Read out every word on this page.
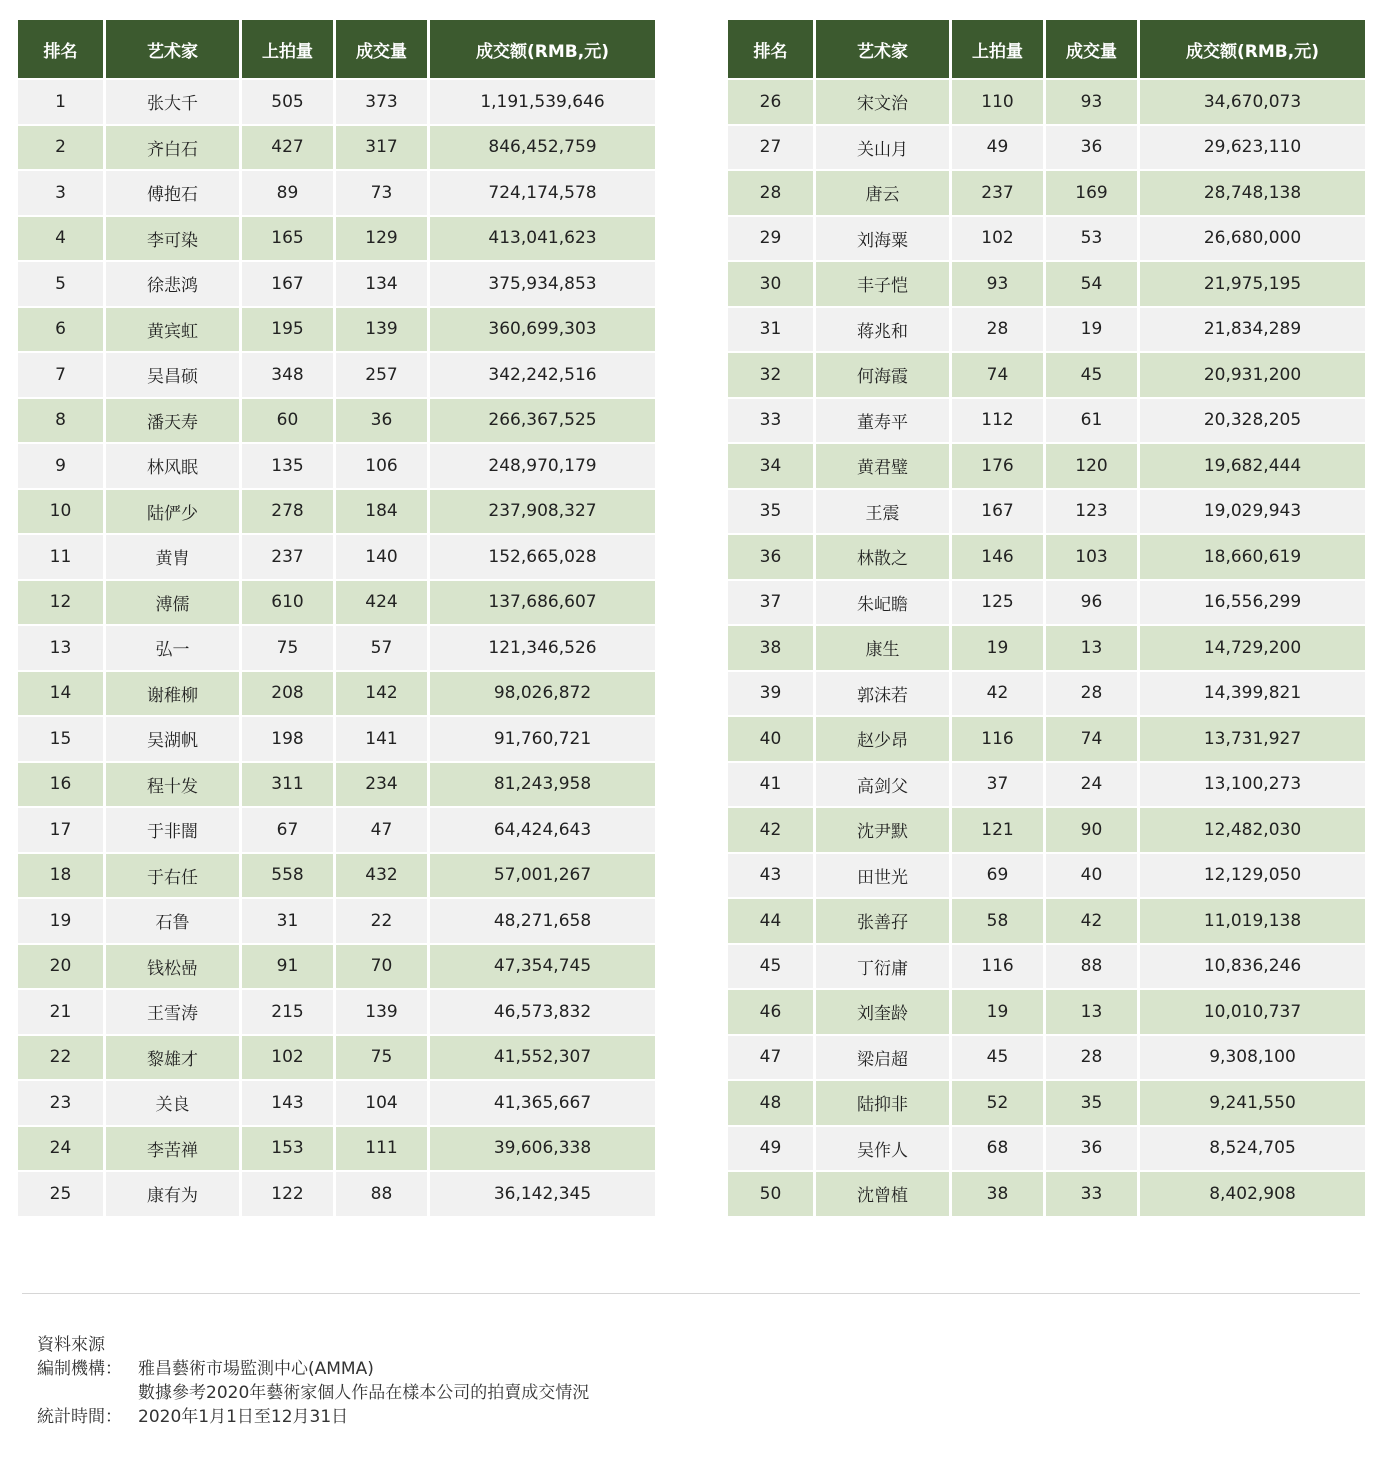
排名	艺术家	上拍量	成交量	成交额(RMB,元)
1	张大千	505	373	1,191,539,646
2	齐白石	427	317	846,452,759
3	傅抱石	89	73	724,174,578
4	李可染	165	129	413,041,623
5	徐悲鸿	167	134	375,934,853
6	黄宾虹	195	139	360,699,303
7	吴昌硕	348	257	342,242,516
8	潘天寿	60	36	266,367,525
9	林风眠	135	106	248,970,179
10	陆俨少	278	184	237,908,327
11	黄胄	237	140	152,665,028
12	溥儒	610	424	137,686,607
13	弘一	75	57	121,346,526
14	谢稚柳	208	142	98,026,872
15	吴湖帆	198	141	91,760,721
16	程十发	311	234	81,243,958
17	于非闇	67	47	64,424,643
18	于右任	558	432	57,001,267
19	石鲁	31	22	48,271,658
20	钱松喦	91	70	47,354,745
21	王雪涛	215	139	46,573,832
22	黎雄才	102	75	41,552,307
23	关良	143	104	41,365,667
24	李苦禅	153	111	39,606,338
25	康有为	122	88	36,142,345
排名	艺术家	上拍量	成交量	成交额(RMB,元)
26	宋文治	110	93	34,670,073
27	关山月	49	36	29,623,110
28	唐云	237	169	28,748,138
29	刘海粟	102	53	26,680,000
30	丰子恺	93	54	21,975,195
31	蒋兆和	28	19	21,834,289
32	何海霞	74	45	20,931,200
33	董寿平	112	61	20,328,205
34	黄君璧	176	120	19,682,444
35	王震	167	123	19,029,943
36	林散之	146	103	18,660,619
37	朱屺瞻	125	96	16,556,299
38	康生	19	13	14,729,200
39	郭沫若	42	28	14,399,821
40	赵少昂	116	74	13,731,927
41	高剑父	37	24	13,100,273
42	沈尹默	121	90	12,482,030
43	田世光	69	40	12,129,050
44	张善孖	58	42	11,019,138
45	丁衍庸	116	88	10,836,246
46	刘奎龄	19	13	10,010,737
47	梁启超	45	28	9,308,100
48	陆抑非	52	35	9,241,550
49	吴作人	68	36	8,524,705
50	沈曾植	38	33	8,402,908
資料來源
編制機構： 雅昌藝術市場監測中心(AMMA)
數據參考2020年藝術家個人作品在樣本公司的拍賣成交情況
統計時間： 2020年1月1日至12月31日
